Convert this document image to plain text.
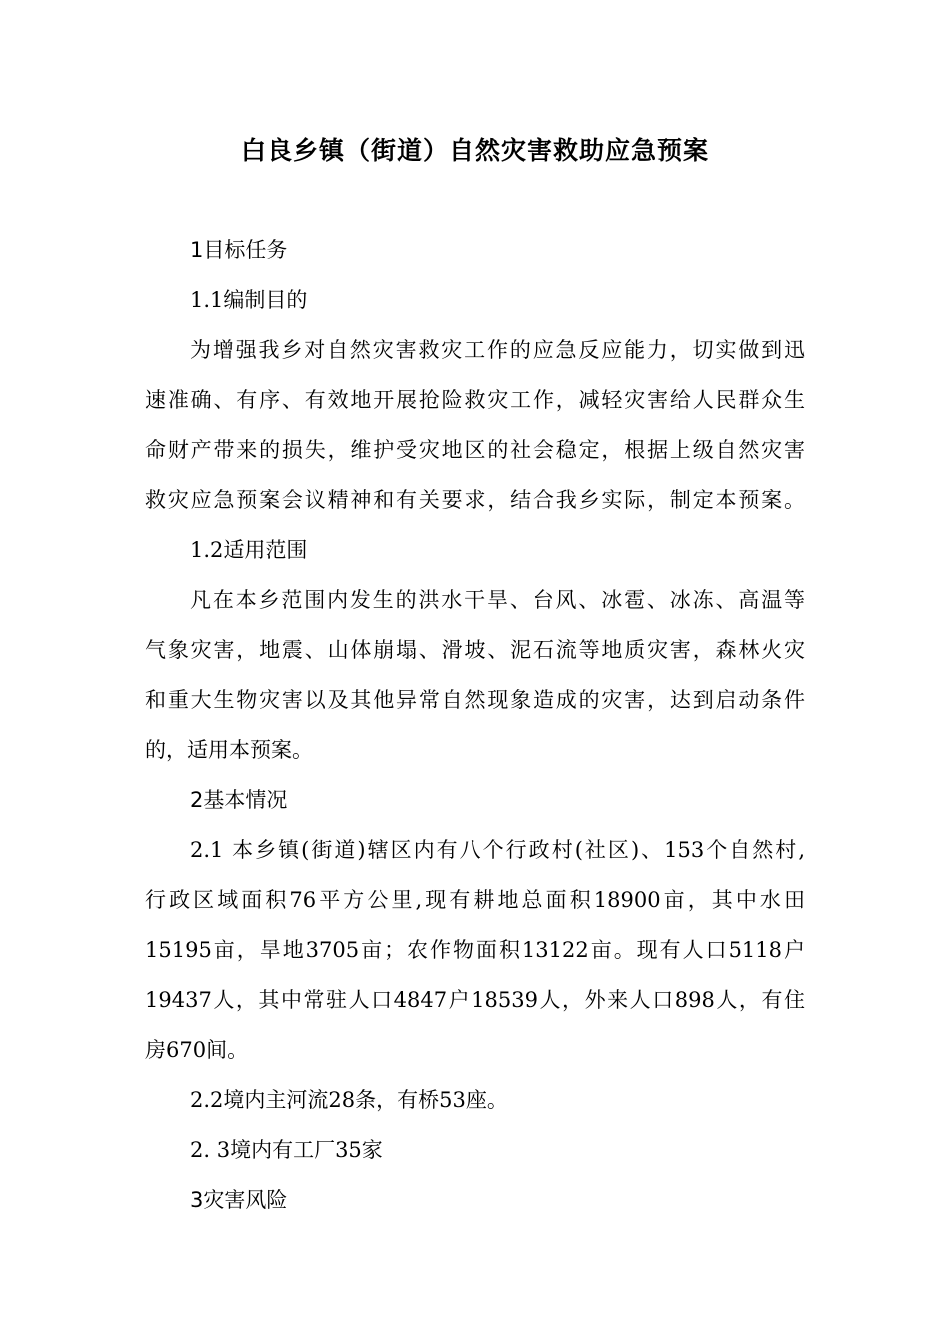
白良乡镇（街道）自然灾害救助应急预案

1目标任务

1.1编制目的

为增强我乡对自然灾害救灾工作的应急反应能力，切实做到迅

速准确、有序、有效地开展抢险救灾工作，减轻灾害给人民群众生

命财产带来的损失，维护受灾地区的社会稳定，根据上级自然灾害

救灾应急预案会议精神和有关要求，结合我乡实际，制定本预案。

1.2适用范围

凡在本乡范围内发生的洪水干旱、台风、冰雹、冰冻、高温等

气象灾害，地震、山体崩塌、滑坡、泥石流等地质灾害，森林火灾

和重大生物灾害以及其他异常自然现象造成的灾害，达到启动条件

的，适用本预案。

2基本情况

2.1 本乡镇(街道)辖区内有八个行政村(社区)、153个自然村,

行政区域面积76平方公里,现有耕地总面积18900亩，其中水田

15195亩，旱地3705亩；农作物面积13122亩。现有人口5118户

19437人，其中常驻人口4847户18539人，外来人口898人，有住

房670间。

2.2境内主河流28条，有桥53座。

2. 3境内有工厂35家

3灾害风险
